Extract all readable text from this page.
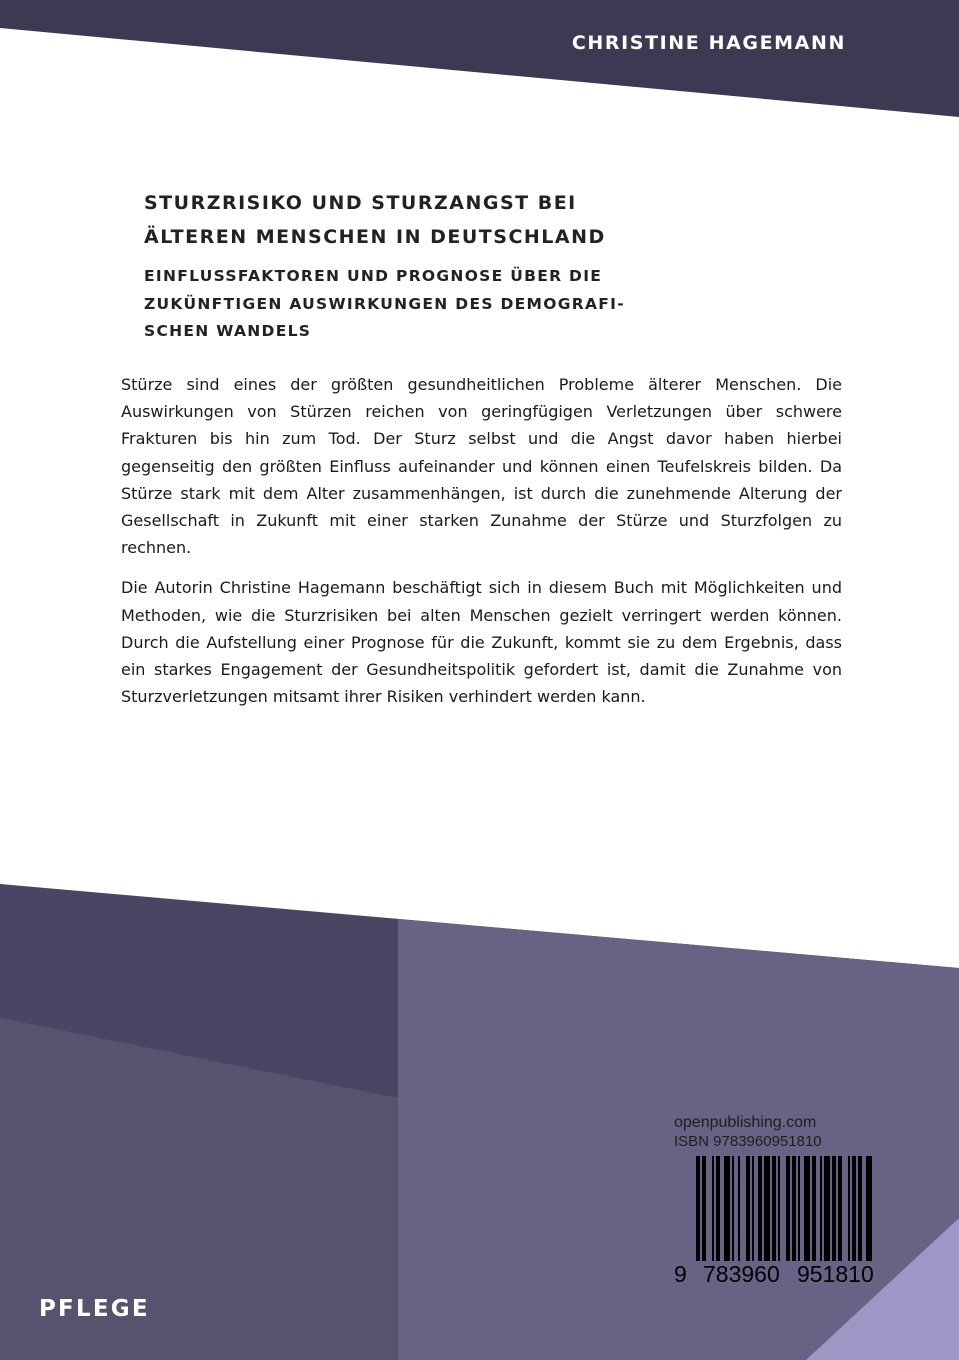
CHRISTINE HAGEMANN
STURZRISIKO UND STURZANGST BEI
ÄLTEREN MENSCHEN IN DEUTSCHLAND
EINFLUSSFAKTOREN UND PROGNOSE ÜBER DIE
ZUKÜNFTIGEN AUSWIRKUNGEN DES DEMOGRAFI-
SCHEN WANDELS

Stürze sind eines der größten gesundheitlichen Probleme älterer Menschen. Die Auswirkungen von Stürzen reichen von geringfügigen Verletzungen über schwere Frakturen bis hin zum Tod. Der Sturz selbst und die Angst davor haben hierbei gegenseitig den größten Einfluss aufeinander und können einen Teufelskreis bilden. Da Stürze stark mit dem Alter zusammenhängen, ist durch die zunehmende Alterung der Gesellschaft in Zukunft mit einer starken Zunahme der Stürze und Sturzfolgen zu rechnen.

Die Autorin Christine Hagemann beschäftigt sich in diesem Buch mit Möglichkeiten und Methoden, wie die Sturzrisiken bei alten Menschen gezielt verringert werden können. Durch die Aufstellung einer Prognose für die Zukunft, kommt sie zu dem Ergebnis, dass ein starkes Engagement der Gesundheitspolitik gefordert ist, damit die Zunahme von Sturzverletzungen mitsamt ihrer Risiken verhindert werden kann.

openpublishing.com
ISBN 9783960951810
9 783960 951810
PFLEGE
